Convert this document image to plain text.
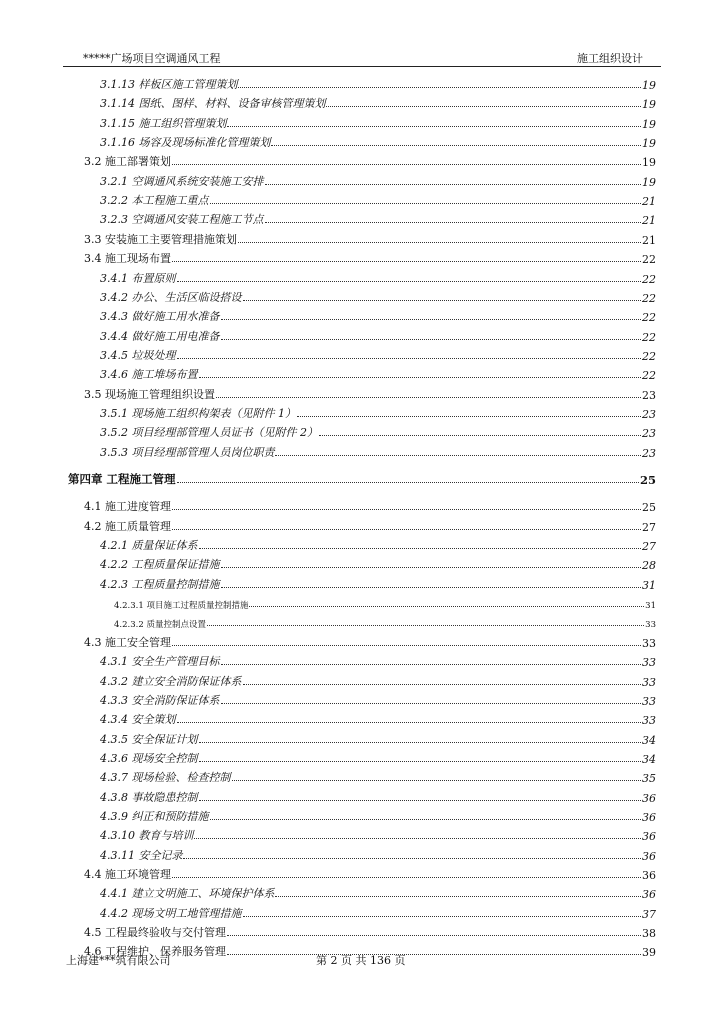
*****广场项目空调通风工程	施工组织设计
3.1.13 样板区施工管理策划	19
3.1.14 图纸、图样、材料、设备审核管理策划	19
3.1.15 施工组织管理策划	19
3.1.16 场容及现场标准化管理策划	19
3.2 施工部署策划	19
3.2.1 空调通风系统安装施工安排	19
3.2.2 本工程施工重点	21
3.2.3 空调通风安装工程施工节点	21
3.3 安装施工主要管理措施策划	21
3.4 施工现场布置	22
3.4.1 布置原则	22
3.4.2 办公、生活区临设搭设	22
3.4.3 做好施工用水准备	22
3.4.4 做好施工用电准备	22
3.4.5 垃圾处理	22
3.4.6 施工堆场布置	22
3.5 现场施工管理组织设置	23
3.5.1 现场施工组织构架表（见附件 1）	23
3.5.2 项目经理部管理人员证书（见附件 2）	23
3.5.3 项目经理部管理人员岗位职责	23
第四章 工程施工管理	25
4.1 施工进度管理	25
4.2 施工质量管理	27
4.2.1 质量保证体系	27
4.2.2 工程质量保证措施	28
4.2.3 工程质量控制措施	31
4.2.3.1 项目施工过程质量控制措施	31
4.2.3.2 质量控制点设置	33
4.3 施工安全管理	33
4.3.1 安全生产管理目标	33
4.3.2 建立安全消防保证体系	33
4.3.3 安全消防保证体系	33
4.3.4 安全策划	33
4.3.5 安全保证计划	34
4.3.6 现场安全控制	34
4.3.7 现场检验、检查控制	35
4.3.8 事故隐患控制	36
4.3.9 纠正和预防措施	36
4.3.10 教育与培训	36
4.3.11 安全记录	36
4.4 施工环境管理	36
4.4.1 建立文明施工、环境保护体系	36
4.4.2 现场文明工地管理措施	37
4.5 工程最终验收与交付管理	38
4.6 工程维护、保养服务管理	39
上海建***筑有限公司	第 2 页 共 136 页
